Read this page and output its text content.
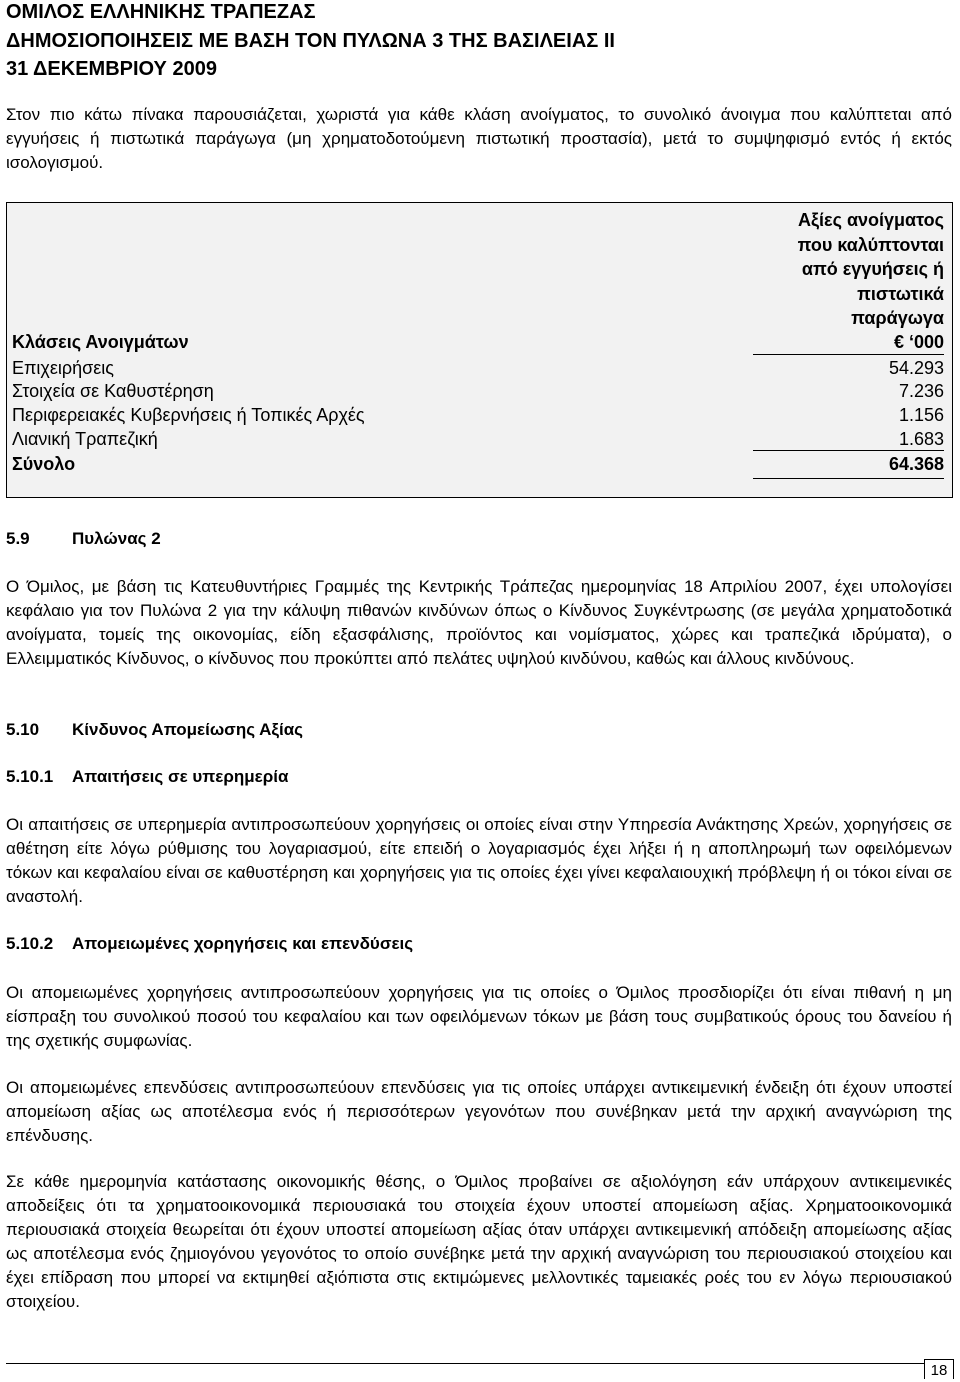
ΟΜΙΛΟΣ ΕΛΛΗΝΙΚΗΣ ΤΡΑΠΕΖΑΣ
ΔΗΜΟΣΙΟΠΟΙΗΣΕΙΣ ΜΕ ΒΑΣΗ ΤΟΝ ΠΥΛΩΝΑ 3 ΤΗΣ ΒΑΣΙΛΕΙΑΣ ΙΙ
31 ΔΕΚΕΜΒΡΙΟΥ 2009
Στον πιο κάτω πίνακα παρουσιάζεται, χωριστά για κάθε κλάση ανοίγματος, το συνολικό άνοιγμα που καλύπτεται από εγγυήσεις ή πιστωτικά παράγωγα (μη χρηματοδοτούμενη πιστωτική προστασία), μετά το συμψηφισμό εντός ή εκτός ισολογισμού.
Αξίες ανοίγματος
που καλύπτονται
από εγγυήσεις ή
πιστωτικά
παράγωγα
Κλάσεις Ανοιγμάτων	€ ‘000
Επιχειρήσεις	54.293
Στοιχεία σε Καθυστέρηση	7.236
Περιφερειακές Κυβερνήσεις ή Τοπικές Αρχές	1.156
Λιανική Τραπεζική	1.683
Σύνολο	64.368
5.9 Πυλώνας 2
Ο Όμιλος, με βάση τις Κατευθυντήριες Γραμμές της Κεντρικής Τράπεζας ημερομηνίας 18 Απριλίου 2007, έχει υπολογίσει κεφάλαιο για τον Πυλώνα 2 για την κάλυψη πιθανών κινδύνων όπως ο Κίνδυνος Συγκέντρωσης (σε μεγάλα χρηματοδοτικά ανοίγματα, τομείς της οικονομίας, είδη εξασφάλισης, προϊόντος και νομίσματος, χώρες και τραπεζικά ιδρύματα), ο Ελλειμματικός Κίνδυνος, ο κίνδυνος που προκύπτει από πελάτες υψηλού κινδύνου, καθώς και άλλους κινδύνους.
5.10 Κίνδυνος Απομείωσης Αξίας
5.10.1 Απαιτήσεις σε υπερημερία
Οι απαιτήσεις σε υπερημερία αντιπροσωπεύουν χορηγήσεις οι οποίες είναι στην Υπηρεσία Ανάκτησης Χρεών, χορηγήσεις σε αθέτηση είτε λόγω ρύθμισης του λογαριασμού, είτε επειδή ο λογαριασμός έχει λήξει ή η αποπληρωμή των οφειλόμενων τόκων και κεφαλαίου είναι σε καθυστέρηση και χορηγήσεις για τις οποίες έχει γίνει κεφαλαιουχική πρόβλεψη ή οι τόκοι είναι σε αναστολή.
5.10.2 Απομειωμένες χορηγήσεις και επενδύσεις
Οι απομειωμένες χορηγήσεις αντιπροσωπεύουν χορηγήσεις για τις οποίες ο Όμιλος προσδιορίζει ότι είναι πιθανή η μη είσπραξη του συνολικού ποσού του κεφαλαίου και των οφειλόμενων τόκων με βάση τους συμβατικούς όρους του δανείου ή της σχετικής συμφωνίας.
Οι απομειωμένες επενδύσεις αντιπροσωπεύουν επενδύσεις για τις οποίες υπάρχει αντικειμενική ένδειξη ότι έχουν υποστεί απομείωση αξίας ως αποτέλεσμα ενός ή περισσότερων γεγονότων που συνέβηκαν μετά την αρχική αναγνώριση της επένδυσης.
Σε κάθε ημερομηνία κατάστασης οικονομικής θέσης, ο Όμιλος προβαίνει σε αξιολόγηση εάν υπάρχουν αντικειμενικές αποδείξεις ότι τα χρηματοοικονομικά περιουσιακά του στοιχεία έχουν υποστεί απομείωση αξίας. Χρηματοοικονομικά περιουσιακά στοιχεία θεωρείται ότι έχουν υποστεί απομείωση αξίας όταν υπάρχει αντικειμενική απόδειξη απομείωσης αξίας ως αποτέλεσμα ενός ζημιογόνου γεγονότος το οποίο συνέβηκε μετά την αρχική αναγνώριση του περιουσιακού στοιχείου και έχει επίδραση που μπορεί να εκτιμηθεί αξιόπιστα στις εκτιμώμενες μελλοντικές ταμειακές ροές του εν λόγω περιουσιακού στοιχείου.
18
